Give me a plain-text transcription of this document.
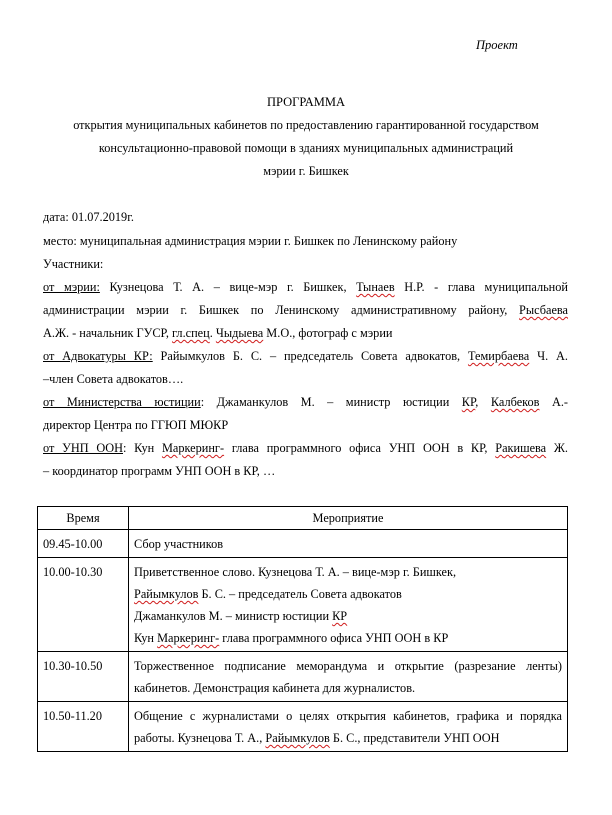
Проект
ПРОГРАММА
открытия муниципальных кабинетов по предоставлению гарантированной государством
консультационно-правовой помощи в зданиях муниципальных администраций
мэрии г. Бишкек
дата: 01.07.2019г.
место: муниципальная администрация мэрии г. Бишкек по Ленинскому району
Участники:
от мэрии: Кузнецова Т. А. – вице-мэр г. Бишкек, Тынаев Н.Р. - глава муниципальной
администрации мэрии г. Бишкек по Ленинскому административному району, Рысбаева
А.Ж. - начальник ГУСР, гл.спец. Чыдыева М.О., фотограф с мэрии
от Адвокатуры КР: Райымкулов Б. С. – председатель Совета адвокатов, Темирбаева Ч. А.
–член Совета адвокатов….
от Министерства юстиции: Джаманкулов М. – министр юстиции КР, Калбеков А.-
директор Центра по ГГЮП МЮКР
от УНП ООН: Кун Маркеринг- глава программного офиса УНП ООН в КР, Ракишева Ж.
– координатор программ УНП ООН в КР, …
Время	Мероприятие
09.45-10.00	Сбор участников

10.00-10.30	Приветственное слово. Кузнецова Т. А. – вице-мэр г. Бишкек,
Райымкулов Б. С. – председатель Совета адвокатов
Джаманкулов М. – министр юстиции КР
Кун Маркеринг- глава программного офиса УНП ООН в КР

10.30-10.50	Торжественное подписание меморандума и открытие (разрезание ленты)
кабинетов. Демонстрация кабинета для журналистов.

10.50-11.20	Общение с журналистами о целях открытия кабинетов, графика и порядка
работы. Кузнецова Т. А., Райымкулов Б. С., представители УНП ООН
